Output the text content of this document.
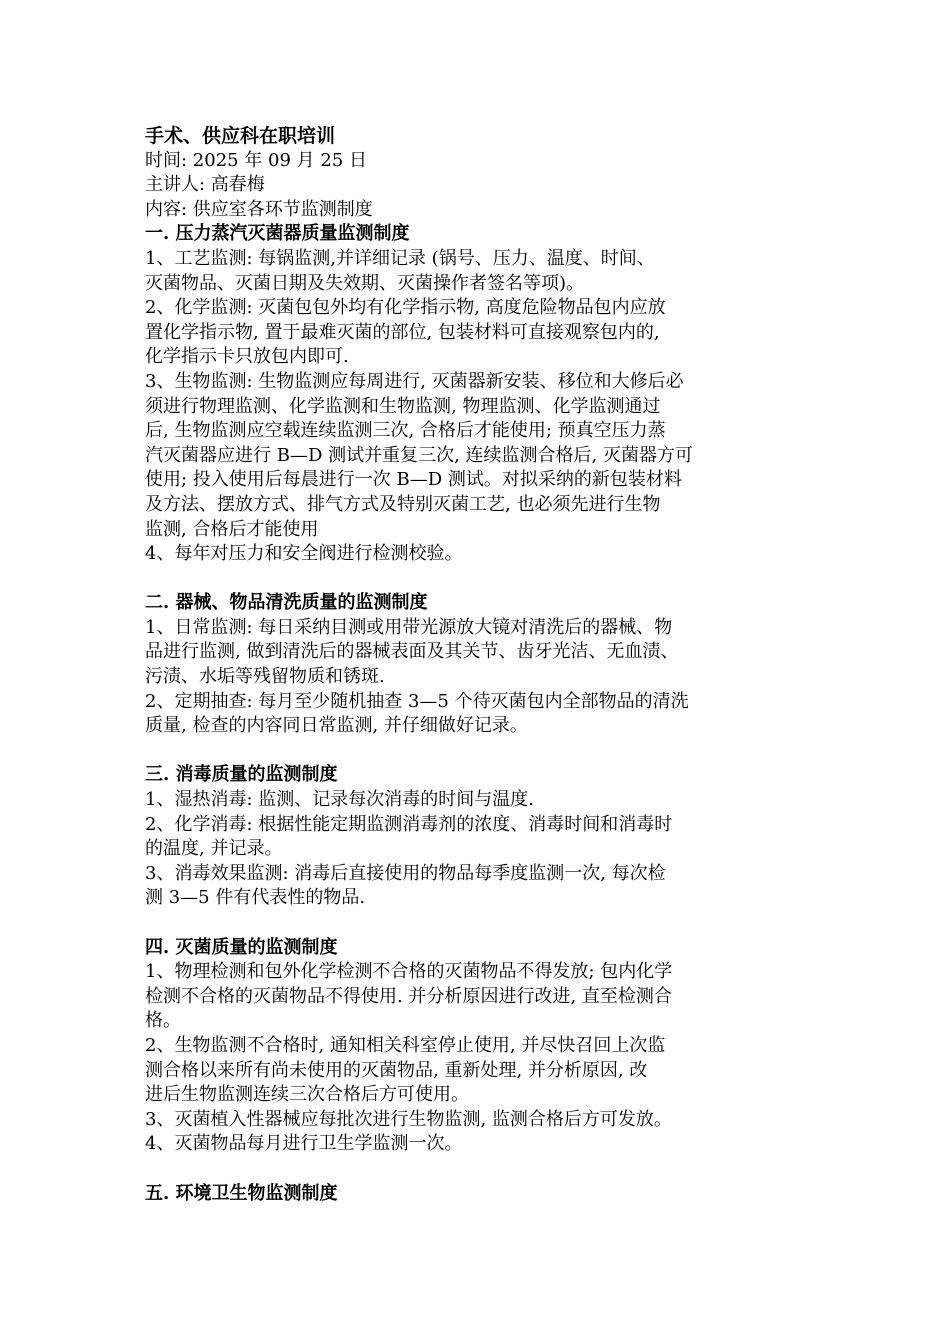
手术、供应科在职培训
时间: 2025 年 09 月 25 日
主讲人: 高春梅
内容: 供应室各环节监测制度
一. 压力蒸汽灭菌器质量监测制度
1、工艺监测: 每锅监测,并详细记录 (锅号、压力、温度、时间、
灭菌物品、灭菌日期及失效期、灭菌操作者签名等项)。
2、化学监测: 灭菌包包外均有化学指示物, 高度危险物品包内应放
置化学指示物, 置于最难灭菌的部位, 包装材料可直接观察包内的,
化学指示卡只放包内即可.
3、生物监测: 生物监测应每周进行, 灭菌器新安装、移位和大修后必
须进行物理监测、化学监测和生物监测, 物理监测、化学监测通过
后, 生物监测应空载连续监测三次, 合格后才能使用; 预真空压力蒸
汽灭菌器应进行 B—D 测试并重复三次, 连续监测合格后, 灭菌器方可
使用; 投入使用后每晨进行一次 B—D 测试。对拟采纳的新包装材料
及方法、摆放方式、排气方式及特别灭菌工艺, 也必须先进行生物
监测, 合格后才能使用
4、每年对压力和安全阀进行检测校验。
二. 器械、物品清洗质量的监测制度
1、日常监测: 每日采纳目测或用带光源放大镜对清洗后的器械、物
品进行监测, 做到清洗后的器械表面及其关节、齿牙光洁、无血渍、
污渍、水垢等残留物质和锈斑.
2、定期抽查: 每月至少随机抽查 3—5 个待灭菌包内全部物品的清洗
质量, 检查的内容同日常监测, 并仔细做好记录。
三. 消毒质量的监测制度
1、湿热消毒: 监测、记录每次消毒的时间与温度.
2、化学消毒: 根据性能定期监测消毒剂的浓度、消毒时间和消毒时
的温度, 并记录。
3、消毒效果监测: 消毒后直接使用的物品每季度监测一次, 每次检
测 3—5 件有代表性的物品.
四. 灭菌质量的监测制度
1、物理检测和包外化学检测不合格的灭菌物品不得发放; 包内化学
检测不合格的灭菌物品不得使用. 并分析原因进行改进, 直至检测合
格。
2、生物监测不合格时, 通知相关科室停止使用, 并尽快召回上次监
测合格以来所有尚未使用的灭菌物品, 重新处理, 并分析原因, 改
进后生物监测连续三次合格后方可使用。
3、灭菌植入性器械应每批次进行生物监测, 监测合格后方可发放。
4、灭菌物品每月进行卫生学监测一次。
五. 环境卫生物监测制度
